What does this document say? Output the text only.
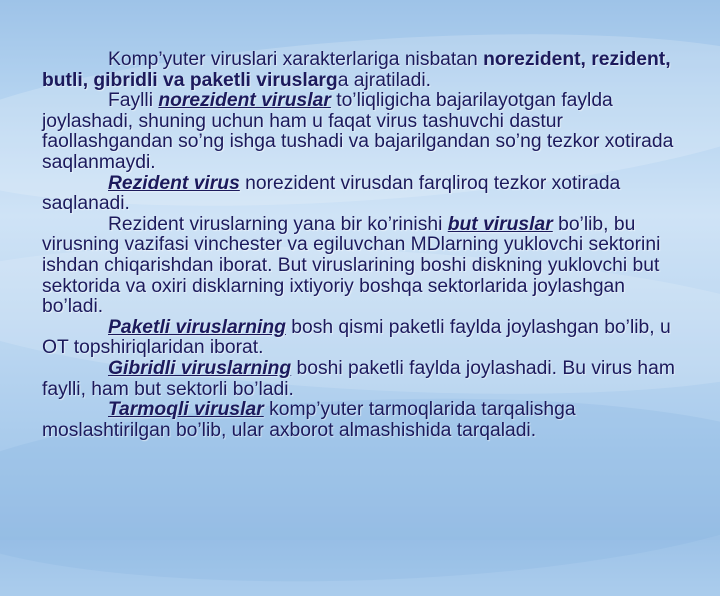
Komp’yuter viruslari xarakterlariga nisbatan norezident, rezident, butli, gibridli va paketli viruslarga ajratiladi.

Faylli norezident viruslar to’liqligicha bajarilayotgan faylda joylashadi, shuning uchun ham u faqat virus tashuvchi dastur faollashgandan so’ng ishga tushadi va bajarilgandan so’ng tezkor xotirada saqlanmaydi.

Rezident virus norezident virusdan farqliroq tezkor xotirada saqlanadi.

Rezident viruslarning yana bir ko’rinishi but viruslar bo’lib, bu virusning vazifasi vinchester va egiluvchan MDlarning yuklovchi sektorini ishdan chiqarishdan iborat. But viruslarining boshi diskning yuklovchi but sektorida va oxiri disklarning ixtiyoriy boshqa sektorlarida joylashgan bo’ladi.

Paketli viruslarning bosh qismi paketli faylda joylashgan bo’lib, u OT topshiriqlaridan iborat.

Gibridli viruslarning boshi paketli faylda joylashadi. Bu virus ham faylli, ham but sektorli bo’ladi.

Tarmoqli viruslar komp’yuter tarmoqlarida tarqalishga moslashtirilgan bo’lib, ular axborot almashishida tarqaladi.
